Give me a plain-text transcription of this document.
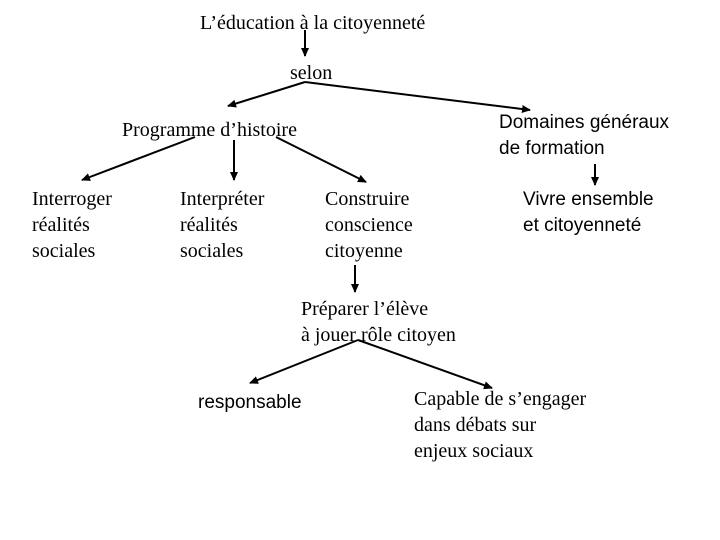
L’éducation à la citoyenneté
selon
Programme d’histoire	Domaines généraux
de formation
Interroger
réalités
sociales
Interpréter
réalités
sociales
Construire
conscience
citoyenne
Vivre ensemble
et citoyenneté
Préparer l’élève
à jouer rôle citoyen
responsable	Capable de s’engager
dans débats sur
enjeux sociaux
